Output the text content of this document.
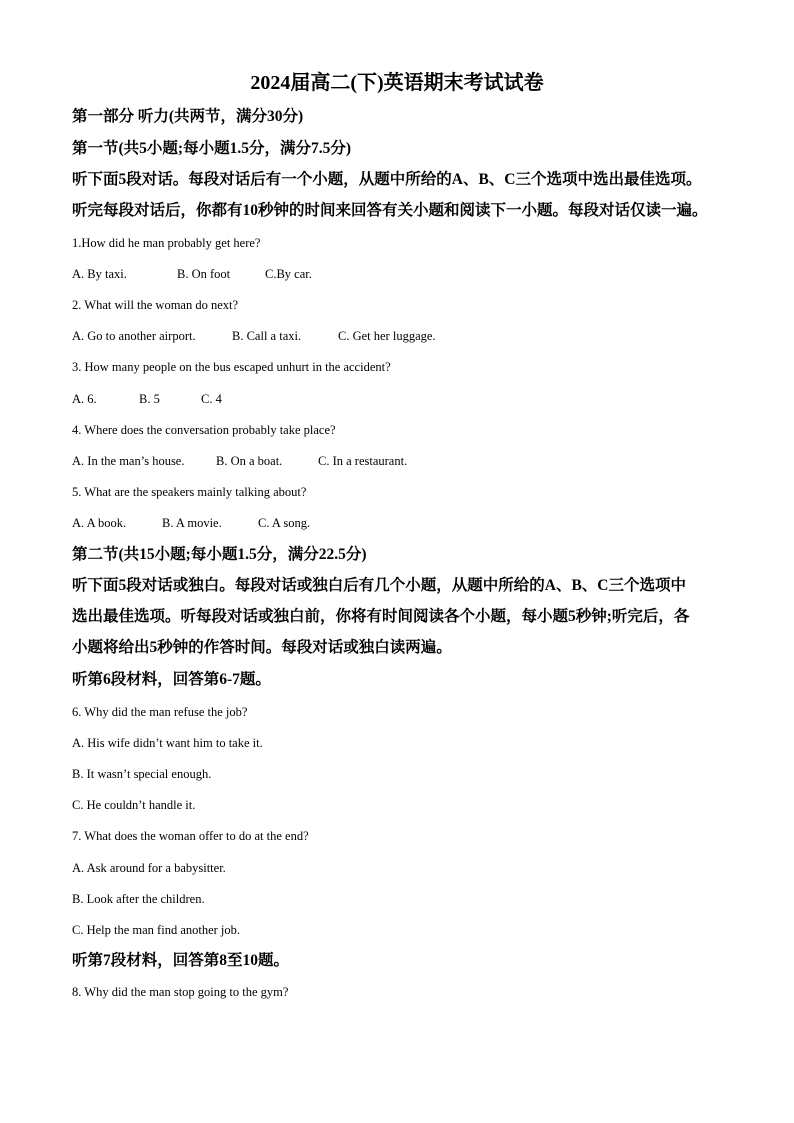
2024届高二(下)英语期末考试试卷
第一部分 听力(共两节，满分30分)
第一节(共5小题;每小题1.5分，满分7.5分)
听下面5段对话。每段对话后有一个小题，从题中所给的A、B、C三个选项中选出最佳选项。
听完每段对话后，你都有10秒钟的时间来回答有关小题和阅读下一小题。每段对话仅读一遍。
1.How did he man probably get here?
A. By taxi.	B. On foot	C.By car.
2. What will the woman do next?
A. Go to another airport.	B. Call a taxi.	C. Get her luggage.
3. How many people on the bus escaped unhurt in the accident?
A. 6.	B. 5	C. 4
4. Where does the conversation probably take place?
A. In the man’s house.	B. On a boat.	C. In a restaurant.
5. What are the speakers mainly talking about?
A. A book.	B. A movie.	C. A song.
第二节(共15小题;每小题1.5分，满分22.5分)
听下面5段对话或独白。每段对话或独白后有几个小题，从题中所给的A、B、C三个选项中
选出最佳选项。听每段对话或独白前，你将有时间阅读各个小题，每小题5秒钟;听完后，各
小题将给出5秒钟的作答时间。每段对话或独白读两遍。
听第6段材料，回答第6-7题。
6. Why did the man refuse the job?
A. His wife didn’t want him to take it.
B. It wasn’t special enough.
C. He couldn’t handle it.
7. What does the woman offer to do at the end?
A. Ask around for a babysitter.
B. Look after the children.
C. Help the man find another job.
听第7段材料，回答第8至10题。
8. Why did the man stop going to the gym?
